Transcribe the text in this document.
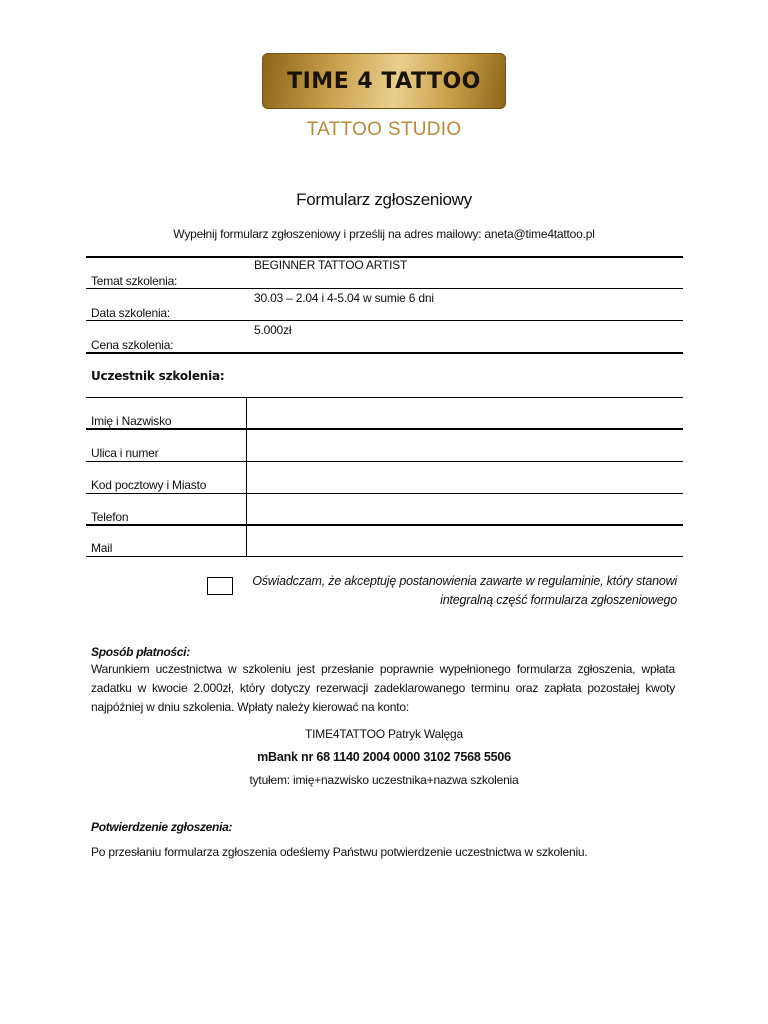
TIME 4 TATTOO
TATTOO STUDIO
Formularz zgłoszeniowy
Wypełnij formularz zgłoszeniowy i prześlij na adres mailowy: aneta@time4tattoo.pl
BEGINNER TATTOO ARTIST
Temat szkolenia:
30.03 – 2.04 i 4-5.04 w sumie 6 dni
Data szkolenia:
5.000zł
Cena szkolenia:
Uczestnik szkolenia:
Imię i Nazwisko
Ulica i numer
Kod pocztowy i Miasto
Telefon
Mail
Oświadczam, że akceptuję postanowienia zawarte w regulaminie, który stanowi
integralną część formularza zgłoszeniowego
Sposób płatności:
Warunkiem uczestnictwa w szkoleniu jest przesłanie poprawnie wypełnionego formularza zgłoszenia, wpłata
zadatku w kwocie 2.000zł, który dotyczy rezerwacji zadeklarowanego terminu oraz zapłata pozostałej kwoty
najpóźniej w dniu szkolenia. Wpłaty należy kierować na konto:
TIME4TATTOO Patryk Walęga
mBank nr 68 1140 2004 0000 3102 7568 5506
tytułem: imię+nazwisko uczestnika+nazwa szkolenia
Potwierdzenie zgłoszenia:
Po przesłaniu formularza zgłoszenia odeślemy Państwu potwierdzenie uczestnictwa w szkoleniu.
